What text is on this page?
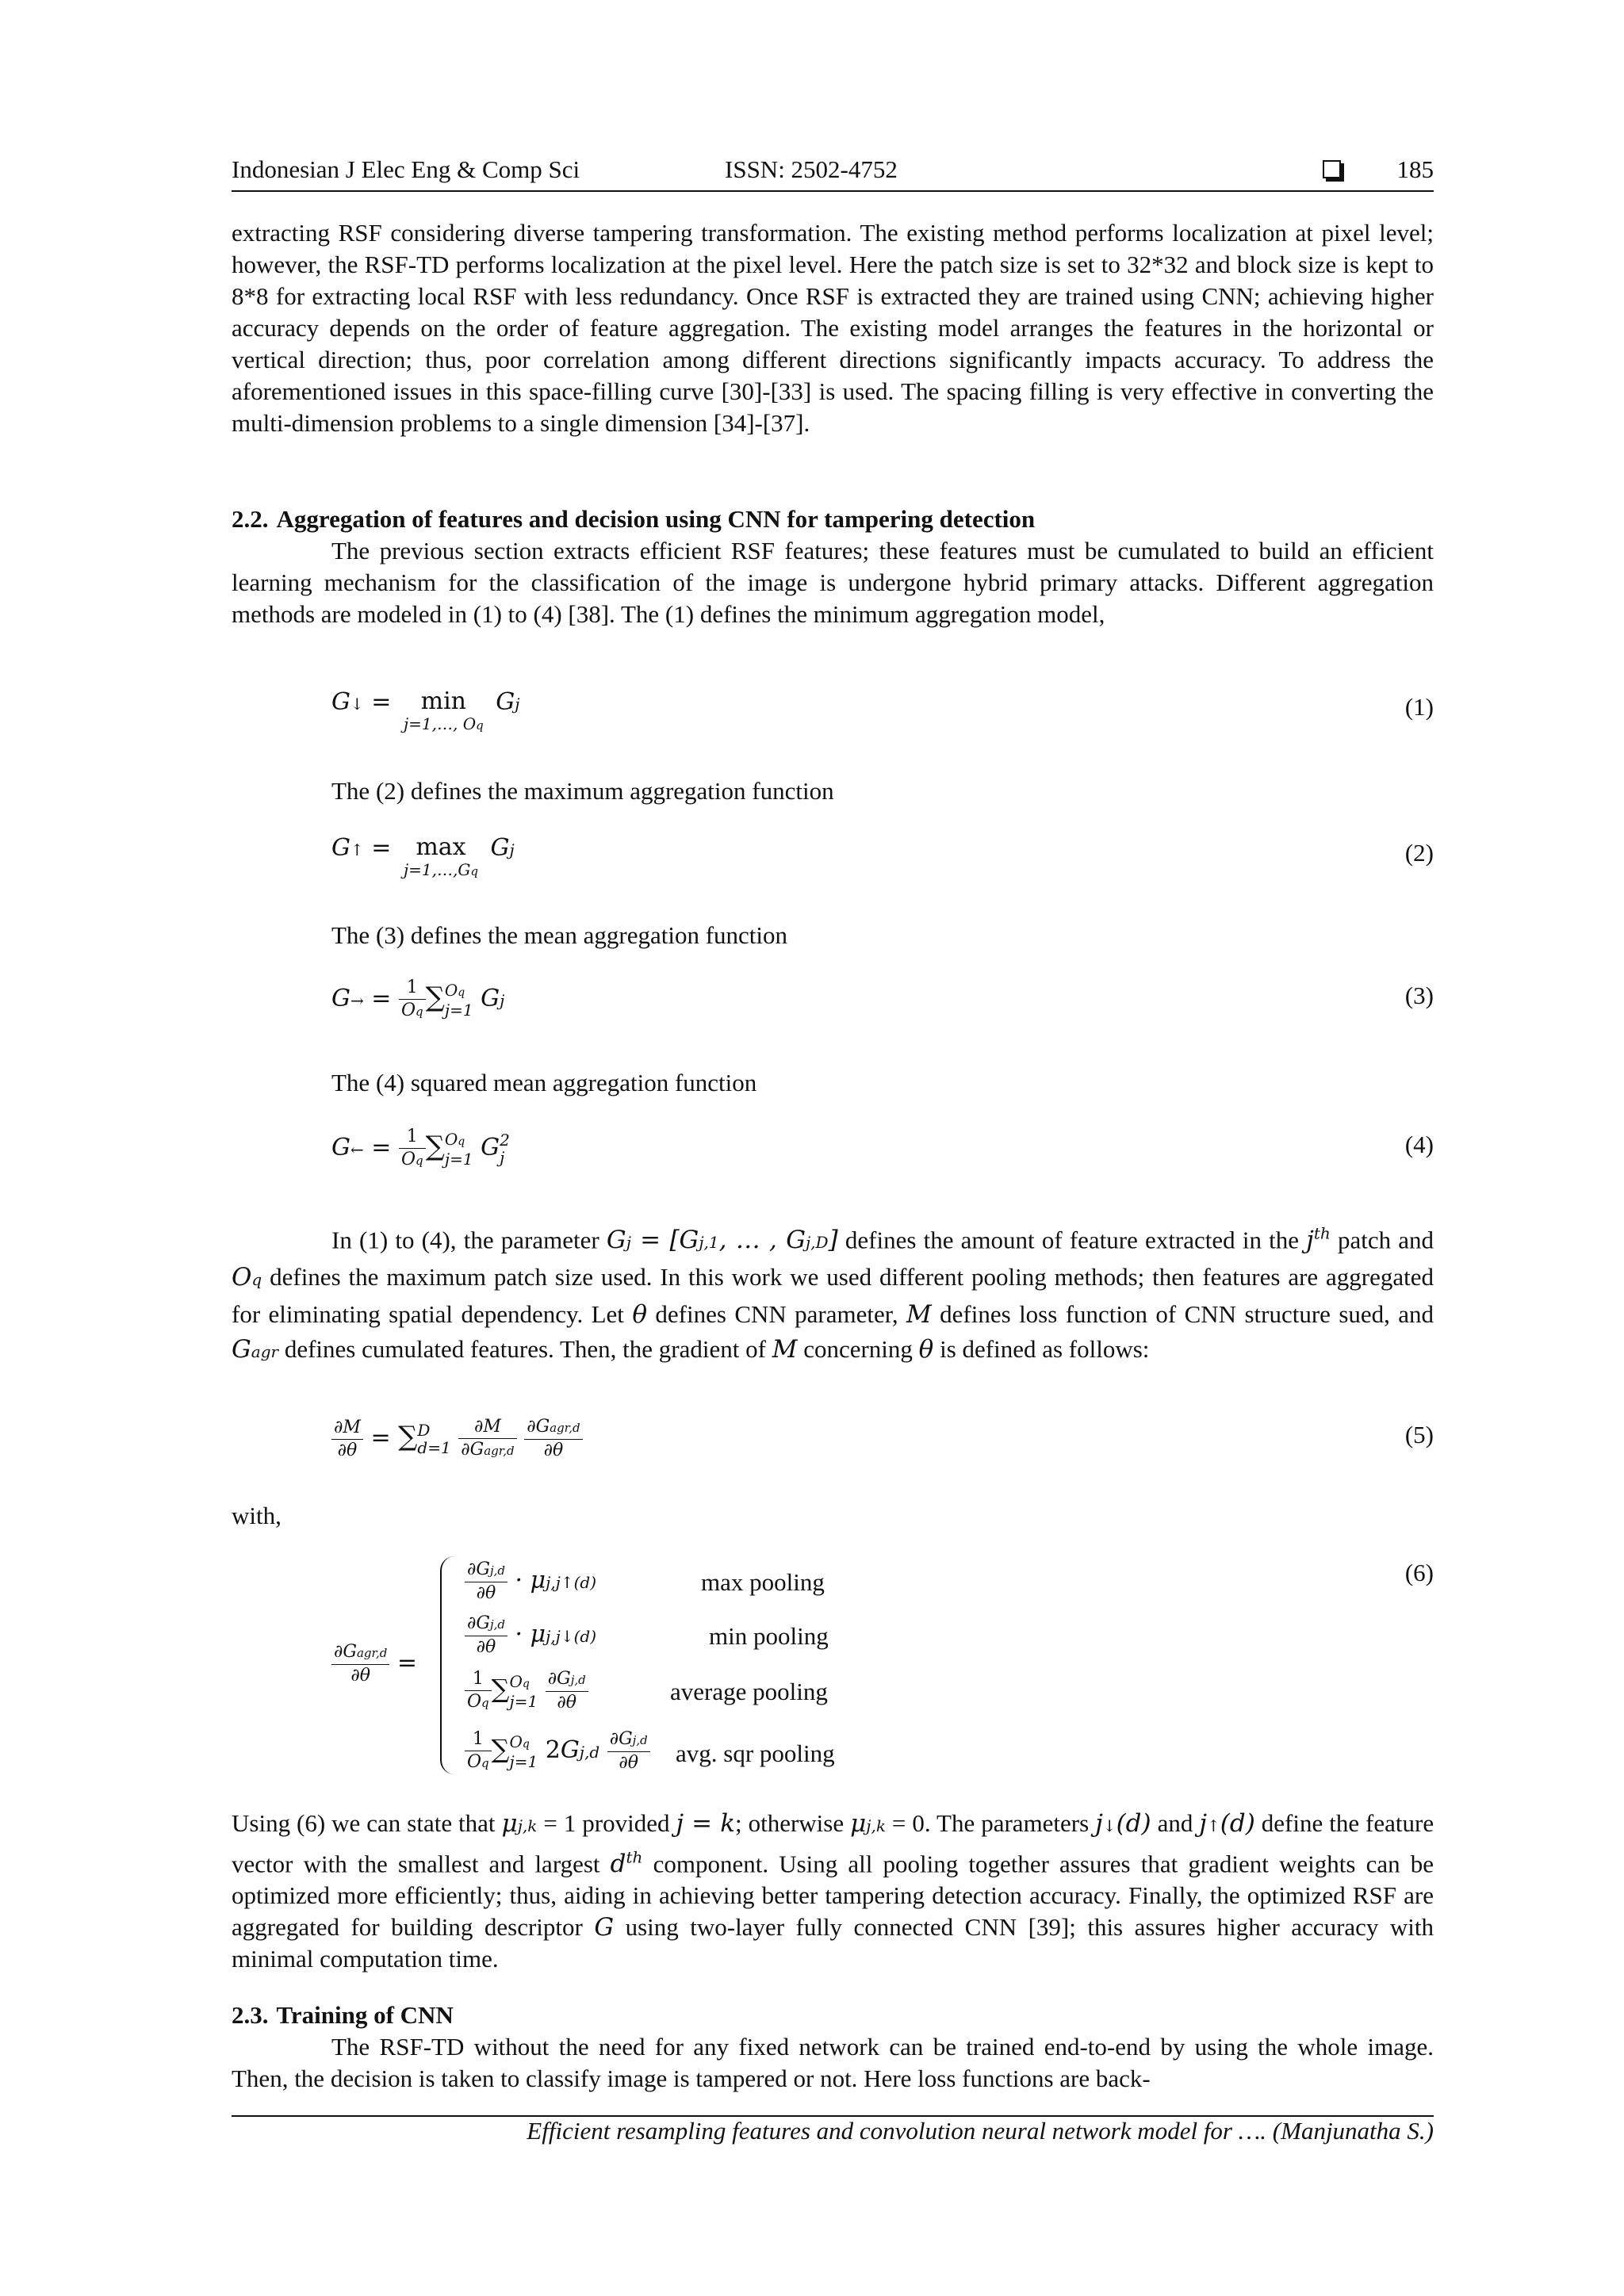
Indonesian J Elec Eng & Comp Sci	ISSN: 2502-4752	185
extracting RSF considering diverse tampering transformation. The existing method performs localization at pixel level; however, the RSF-TD performs localization at the pixel level. Here the patch size is set to 32*32 and block size is kept to 8*8 for extracting local RSF with less redundancy. Once RSF is extracted they are trained using CNN; achieving higher accuracy depends on the order of feature aggregation. The existing model arranges the features in the horizontal or vertical direction; thus, poor correlation among different directions significantly impacts accuracy. To address the aforementioned issues in this space-filling curve [30]-[33] is used. The spacing filling is very effective in converting the multi-dimension problems to a single dimension [34]-[37].
2.2. Aggregation of features and decision using CNN for tampering detection
The previous section extracts efficient RSF features; these features must be cumulated to build an efficient learning mechanism for the classification of the image is undergone hybrid primary attacks. Different aggregation methods are modeled in (1) to (4) [38]. The (1) defines the minimum aggregation model,
G↓ = min
j=1,…, Oq
Gj	(1)
The (2) defines the maximum aggregation function
G↑ = max
j=1,…,Gq
Gj	(2)
The (3) defines the mean aggregation function
$G\to = \frac{1}{Oq}$ ∑ Oq
j=1 Gj	(3)
The (4) squared mean aggregation function
G← = $\frac{1}{Oq}$ ∑ Oq
j=1 G 2
j	(4)
In (1) to (4), the parameter Gj = [Gj,1, … , Gj,D] defines the amount of feature extracted in the $j^{th}$ patch and Oq defines the maximum patch size used. In this work we used different pooling methods; then features are aggregated for eliminating spatial dependency. Let θ defines CNN parameter, M defines loss function of CNN structure sued, and Gagr defines cumulated features. Then, the gradient of M concerning θ is defined as follows:
$\frac{\partial M}{\partial\theta}$ = ∑ D
d=1
$\frac{\partial M}{\text{∂Gagr,d}}$
$\frac{\text{∂Gagr,d}}{\partial\theta}$	(5)
with,
$\frac{\text{∂Gagr,d}}{\partial\theta}$ =
$\frac{\partial Gj,d}{\partial\theta}$ · μj,j↑(d)	max pooling
$\frac{\partial Gj,d}{\partial\theta}$ · μj,j↓(d)	min pooling
$\frac{1}{Oq}$ ∑ Oq
j=1
$\frac{\partial Gj,d}{\partial\theta}$	average pooling
$\frac{1}{Oq}$ ∑ Oq
j=1 $2Gj,d \frac{\partial Gj,d}{\partial\theta}$ avg. sqr pooling
(6)
Using (6) we can state that μj,k = 1 provided j = k; otherwise μj,k = 0. The parameters j↓(d) and j↑(d) define the feature vector with the smallest and largest $d^{th}$ component. Using all pooling together assures that gradient weights can be optimized more efficiently; thus, aiding in achieving better tampering detection accuracy. Finally, the optimized RSF are aggregated for building descriptor G using two-layer fully connected CNN [39]; this assures higher accuracy with minimal computation time.
2.3. Training of CNN
The RSF-TD without the need for any fixed network can be trained end-to-end by using the whole image. Then, the decision is taken to classify image is tampered or not. Here loss functions are back-
Efficient resampling features and convolution neural network model for …. (Manjunatha S.)
